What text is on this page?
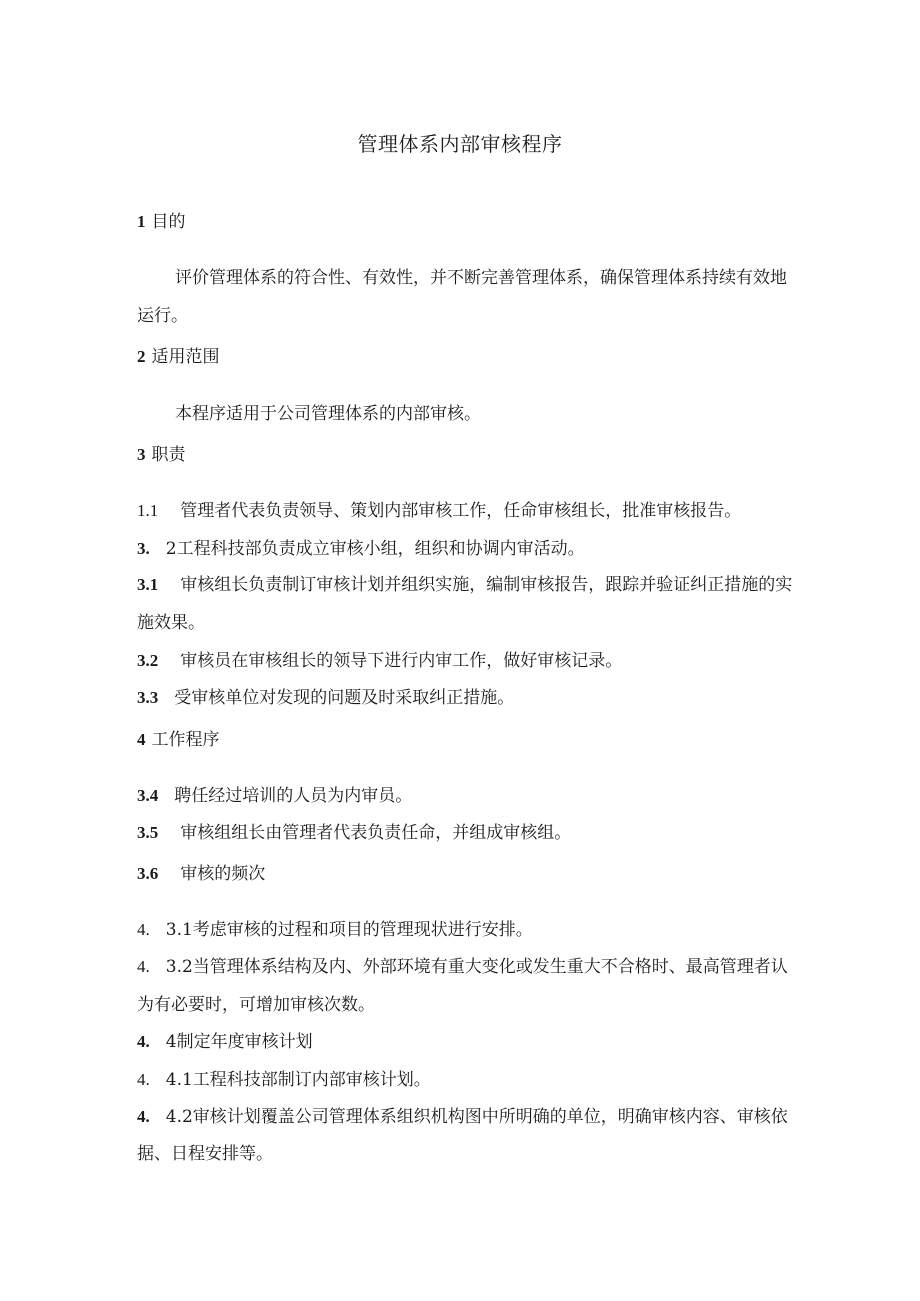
管理体系内部审核程序
1 目的
评价管理体系的符合性、有效性，并不断完善管理体系，确保管理体系持续有效地
运行。
2 适用范围
本程序适用于公司管理体系的内部审核。
3 职责
1.1 管理者代表负责领导、策划内部审核工作，任命审核组长，批准审核报告。
3. 2工程科技部负责成立审核小组，组织和协调内审活动。
3.1 审核组长负责制订审核计划并组织实施，编制审核报告，跟踪并验证纠正措施的实
施效果。
3.2 审核员在审核组长的领导下进行内审工作，做好审核记录。
3.3 受审核单位对发现的问题及时采取纠正措施。
4 工作程序
3.4 聘任经过培训的人员为内审员。
3.5 审核组组长由管理者代表负责任命，并组成审核组。
3.6 审核的频次
4. 3.1考虑审核的过程和项目的管理现状进行安排。
4. 3.2当管理体系结构及内、外部环境有重大变化或发生重大不合格时、最高管理者认
为有必要时，可增加审核次数。
4. 4制定年度审核计划
4. 4.1工程科技部制订内部审核计划。
4. 4.2审核计划覆盖公司管理体系组织机构图中所明确的单位，明确审核内容、审核依
据、日程安排等。
